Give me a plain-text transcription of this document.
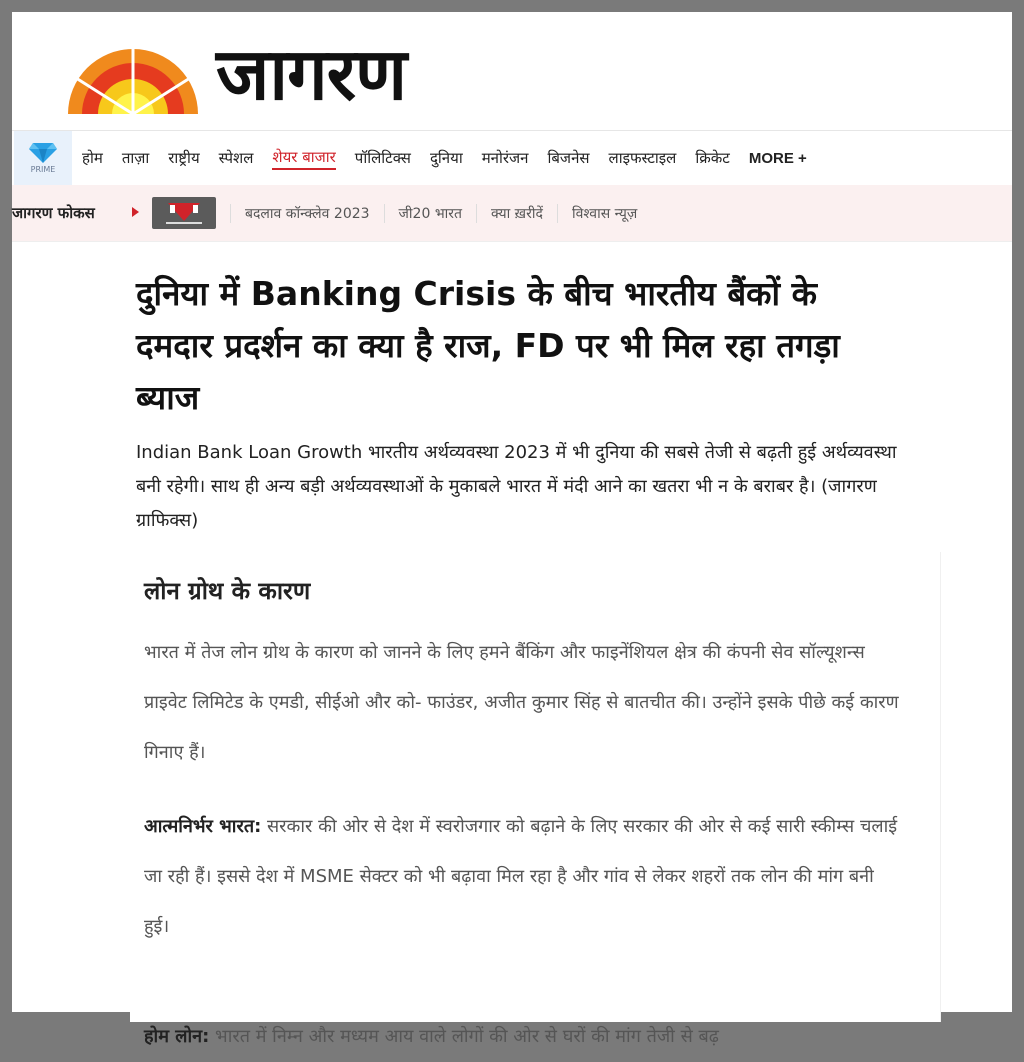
जागरण
PRIME
होम ताज़ा राष्ट्रीय स्पेशल शेयर बाजार पॉलिटिक्स दुनिया मनोरंजन बिजनेस लाइफस्टाइल क्रिकेट MORE +
जागरण फोकस	बदलाव कॉन्क्लेव 2023	जी20 भारत	क्या ख़रीदें	विश्वास न्यूज़
दुनिया में Banking Crisis के बीच भारतीय बैंकों के दमदार प्रदर्शन का क्या है राज, FD पर भी मिल रहा तगड़ा ब्याज

Indian Bank Loan Growth भारतीय अर्थव्यवस्था 2023 में भी दुनिया की सबसे तेजी से बढ़ती हुई अर्थव्यवस्था बनी रहेगी। साथ ही अन्य बड़ी अर्थव्यवस्थाओं के मुकाबले भारत में मंदी आने का खतरा भी न के बराबर है। (जागरण ग्राफिक्स)

लोन ग्रोथ के कारण

भारत में तेज लोन ग्रोथ के कारण को जानने के लिए हमने बैंकिंग और फाइनेंशियल क्षेत्र की कंपनी सेव सॉल्यूशन्स प्राइवेट लिमिटेड के एमडी, सीईओ और को- फाउंडर, अजीत कुमार सिंह से बातचीत की। उन्होंने इसके पीछे कई कारण गिनाए हैं।

आत्मनिर्भर भारत: सरकार की ओर से देश में स्वरोजगार को बढ़ाने के लिए सरकार की ओर से कई सारी स्कीम्स चलाई जा रही हैं। इससे देश में MSME सेक्टर को भी बढ़ावा मिल रहा है और गांव से लेकर शहरों तक लोन की मांग बनी हुई।

होम लोन: भारत में निम्न और मध्यम आय वाले लोगों की ओर से घरों की मांग तेजी से बढ़
